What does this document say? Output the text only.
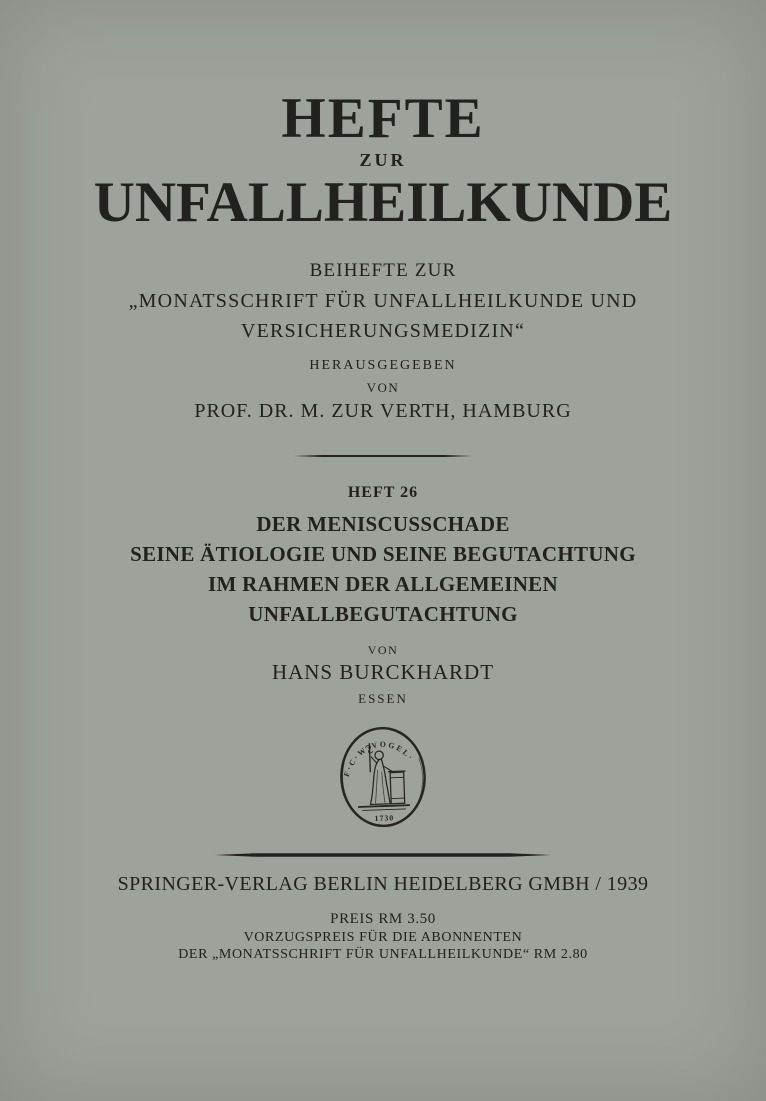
HEFTE
ZUR
UNFALLHEILKUNDE
BEIHEFTE ZUR
„MONATSSCHRIFT FÜR UNFALLHEILKUNDE UND
VERSICHERUNGSMEDIZIN“
HERAUSGEGEBEN
VON
PROF. DR. M. ZUR VERTH, HAMBURG
HEFT 26
DER MENISCUSSCHADE
SEINE ÄTIOLOGIE UND SEINE BEGUTACHTUNG
IM RAHMEN DER ALLGEMEINEN
UNFALLBEGUTACHTUNG
VON
HANS BURCKHARDT
ESSEN
F·C·W·VOGEL·
1730
SPRINGER-VERLAG BERLIN HEIDELBERG GMBH / 1939
PREIS RM 3.50
VORZUGSPREIS FÜR DIE ABONNENTEN
DER „MONATSSCHRIFT FÜR UNFALLHEILKUNDE“ RM 2.80
